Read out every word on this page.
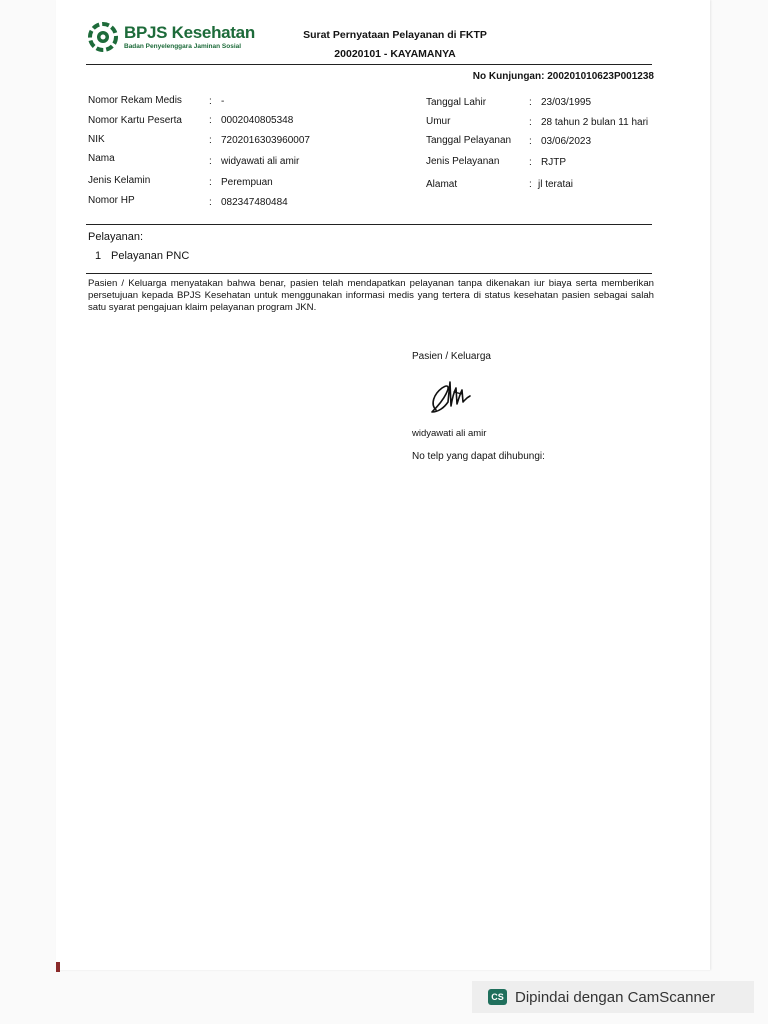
BPJS Kesehatan
Badan Penyelenggara Jaminan Sosial
Surat Pernyataan Pelayanan di FKTP
20020101 - KAYAMANYA
No Kunjungan: 200201010623P001238
Nomor Rekam Medis	: -
Nomor Kartu Peserta	: 0002040805348
NIK	: 7202016303960007
Nama	: widyawati ali amir
Jenis Kelamin	: Perempuan
Nomor HP	: 082347480484
Tanggal Lahir	: 23/03/1995
Umur	: 28 tahun 2 bulan 11 hari
Tanggal Pelayanan : 03/06/2023
Jenis Pelayanan	: RJTP
Alamat	: jl teratai
Pelayanan:
1 Pelayanan PNC
Pasien / Keluarga menyatakan bahwa benar, pasien telah mendapatkan pelayanan tanpa dikenakan iur biaya serta memberikan persetujuan kepada BPJS Kesehatan untuk menggunakan informasi medis yang tertera di status kesehatan pasien sebagai salah satu syarat pengajuan klaim pelayanan program JKN.
Pasien / Keluarga
widyawati ali amir
No telp yang dapat dihubungi:
CS Dipindai dengan CamScanner
